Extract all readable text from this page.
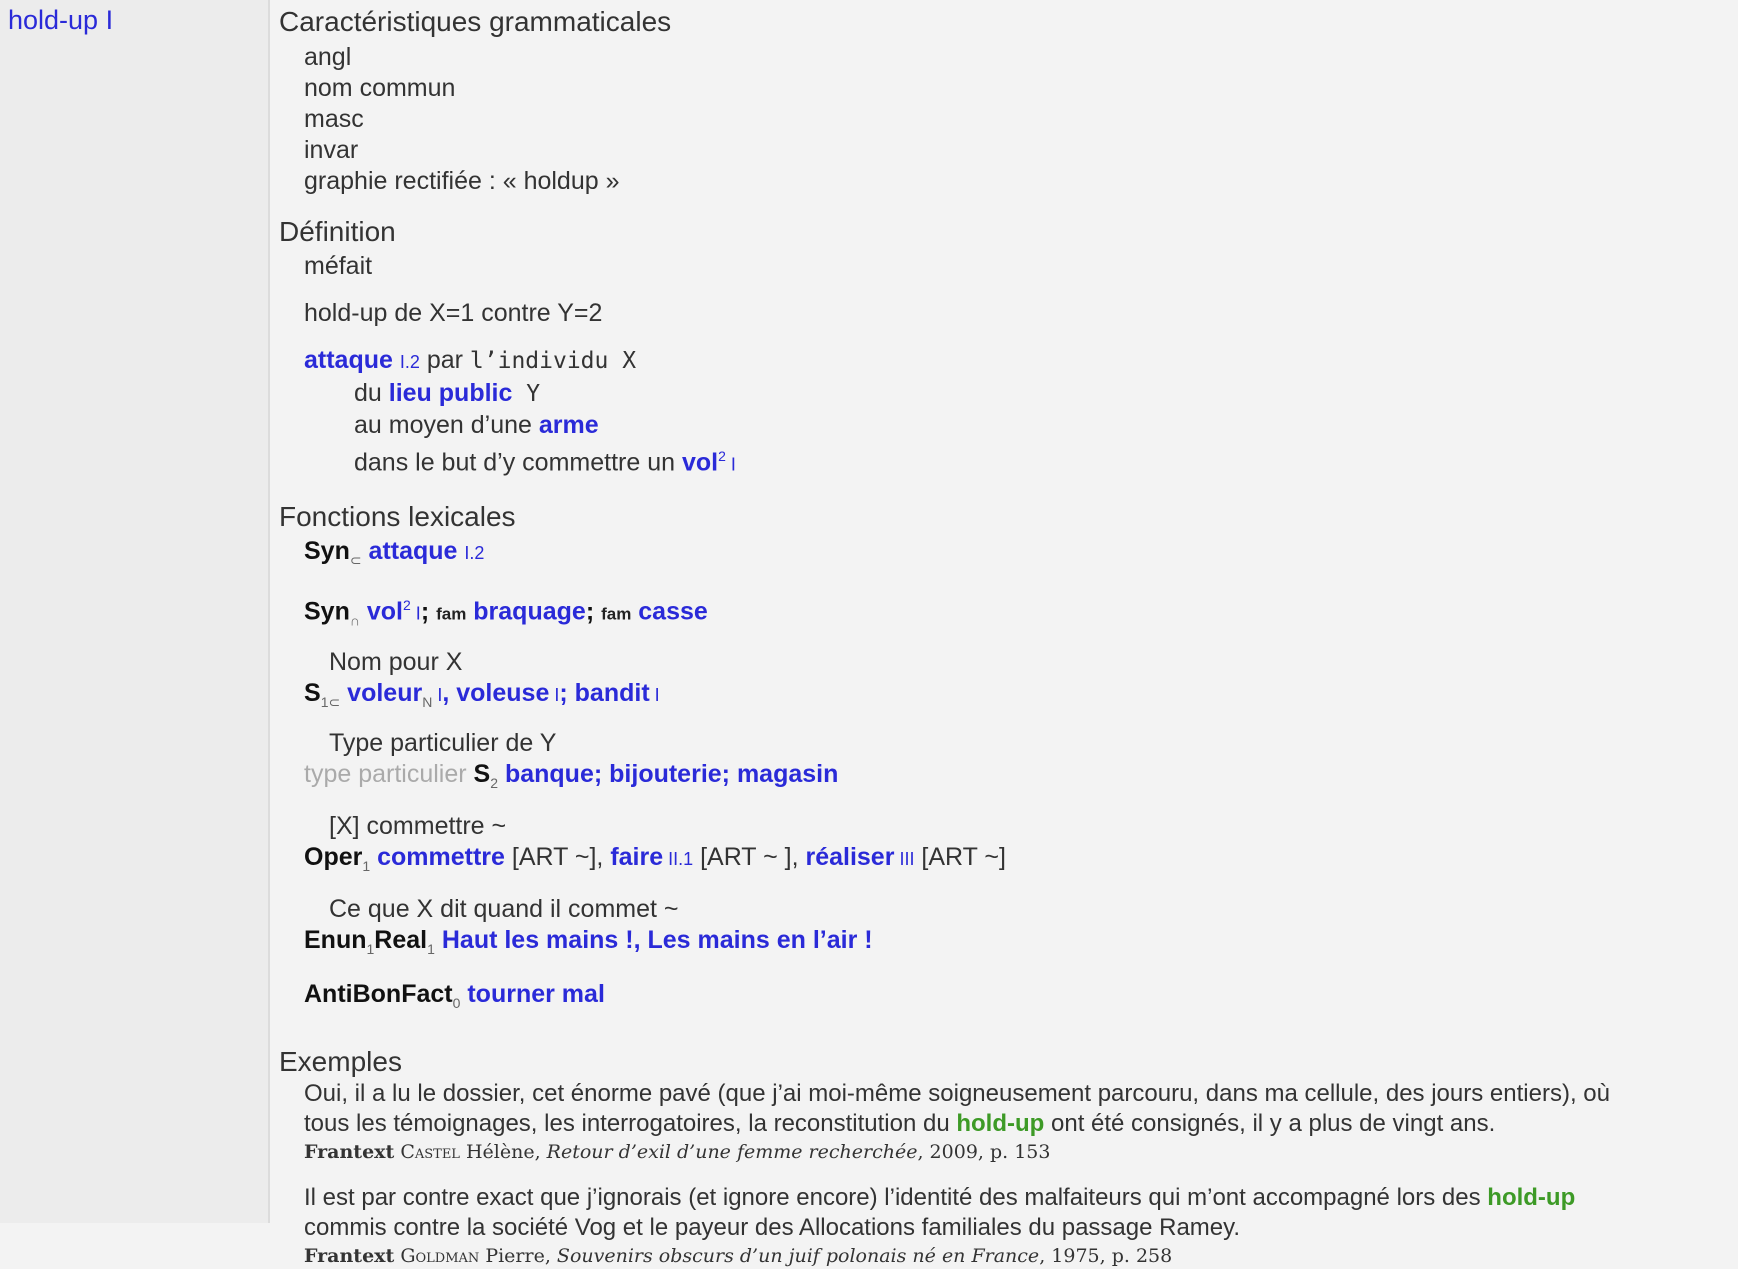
hold-up I	Caractéristiques grammaticales
angl
nom commun
masc
invar
graphie rectifiée : « holdup »
Définition
méfait
hold-up de X=1 contre Y=2
attaque I.2 par l’individu X
du lieu public Y
au moyen d’une arme
dans le but d’y commettre un vol$^2$ I
Fonctions lexicales
Syn$_\subset$ attaque I.2
Syn$_\cap$ vol$^2$ I; fam braquage; fam casse
Nom pour X
$S_{1\subset}$ voleur$_N$ I, voleuse I; bandit I
Type particulier de Y
type particulier $S_2$ banque; bijouterie; magasin
[X] commettre ~
Oper$_1$ commettre [ART ~], faire II.1 [ART ~ ], réaliser III [ART ~]
Ce que X dit quand il commet ~
Enun$_1$Real$_1$ Haut les mains !, Les mains en l’air !
AntiBonFact$_0$ tourner mal
Exemples
Oui, il a lu le dossier, cet énorme pavé (que j’ai moi-même soigneusement parcouru, dans ma cellule, des jours entiers), où
tous les témoignages, les interrogatoires, la reconstitution du hold-up ont été consignés, il y a plus de vingt ans.
Frantext Castel Hélène, Retour d’exil d’une femme recherchée, 2009, p. 153
Il est par contre exact que j’ignorais (et ignore encore) l’identité des malfaiteurs qui m’ont accompagné lors des hold-up
commis contre la société Vog et le payeur des Allocations familiales du passage Ramey.
Frantext Goldman Pierre, Souvenirs obscurs d’un juif polonais né en France, 1975, p. 258
